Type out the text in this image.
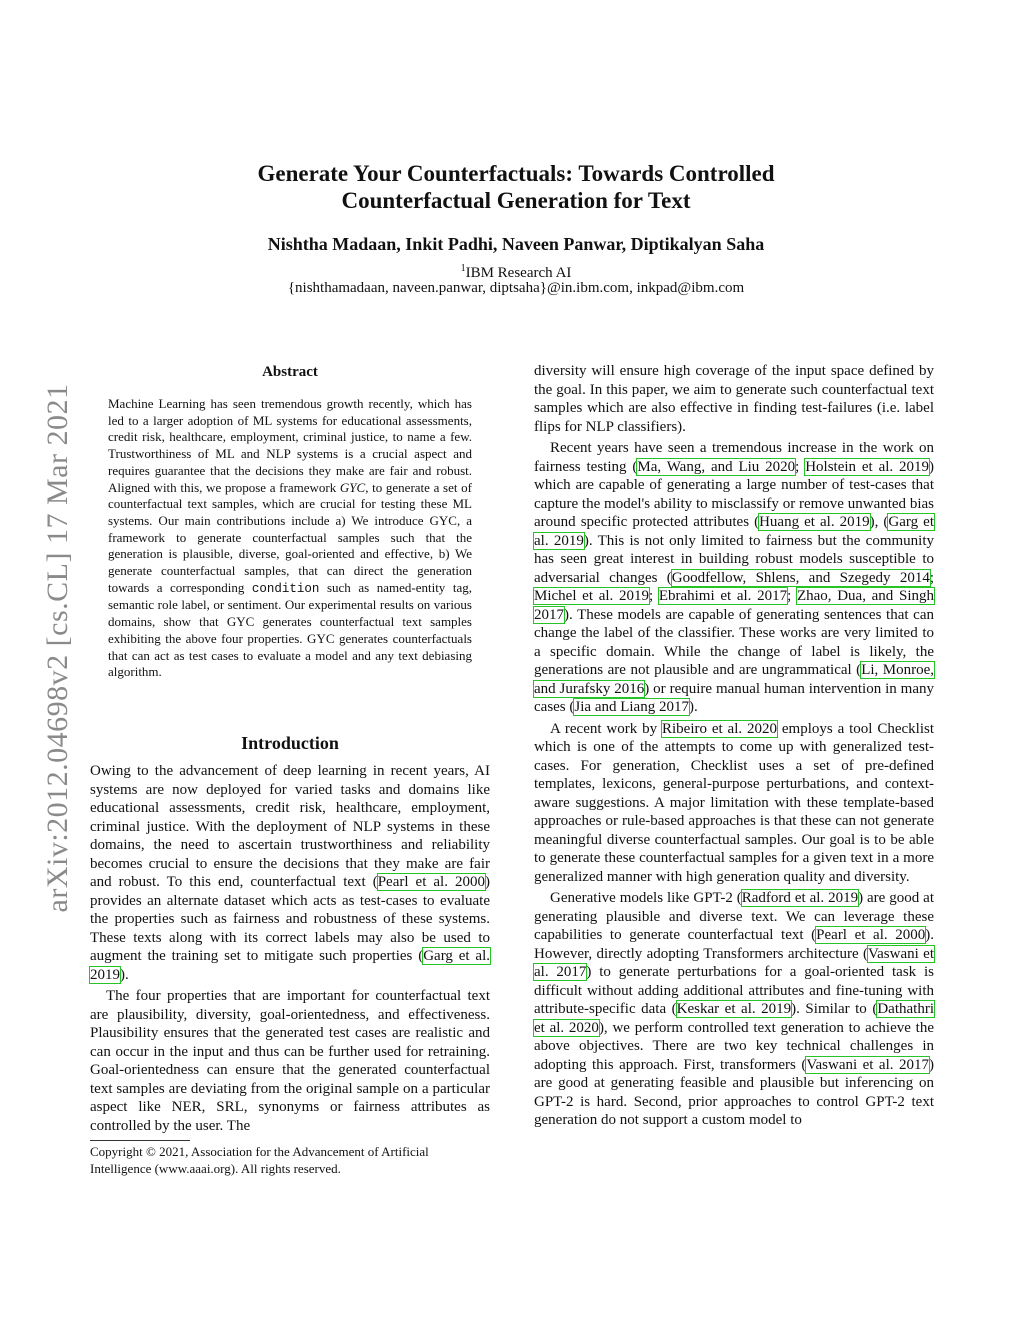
arXiv:2012.04698v2 [cs.CL] 17 Mar 2021
Generate Your Counterfactuals: Towards Controlled
Counterfactual Generation for Text
Nishtha Madaan, Inkit Padhi, Naveen Panwar, Diptikalyan Saha
$^1$IBM Research AI
{nishthamadaan, naveen.panwar, diptsaha}@in.ibm.com, inkpad@ibm.com
Abstract
Machine Learning has seen tremendous growth recently, which has led to a larger adoption of ML systems for educational assessments, credit risk, healthcare, employment, criminal justice, to name a few. Trustworthiness of ML and NLP systems is a crucial aspect and requires guarantee that the decisions they make are fair and robust. Aligned with this, we propose a framework GYC, to generate a set of counterfactual text samples, which are crucial for testing these ML systems. Our main contributions include a) We introduce GYC, a framework to generate counterfactual samples such that the generation is plausible, diverse, goal-oriented and effective, b) We generate counterfactual samples, that can direct the generation towards a corresponding condition such as named-entity tag, semantic role label, or sentiment. Our experimental results on various domains, show that GYC generates counterfactual text samples exhibiting the above four properties. GYC generates counterfactuals that can act as test cases to evaluate a model and any text debiasing algorithm.
Introduction

Owing to the advancement of deep learning in recent years, AI systems are now deployed for varied tasks and domains like educational assessments, credit risk, healthcare, employment, criminal justice. With the deployment of NLP systems in these domains, the need to ascertain trustworthiness and reliability becomes crucial to ensure the decisions that they make are fair and robust. To this end, counterfactual text (Pearl et al. 2000) provides an alternate dataset which acts as test-cases to evaluate the properties such as fairness and robustness of these systems. These texts along with its correct labels may also be used to augment the training set to mitigate such properties (Garg et al. 2019).

The four properties that are important for counterfactual text are plausibility, diversity, goal-orientedness, and effectiveness. Plausibility ensures that the generated test cases are realistic and can occur in the input and thus can be further used for retraining. Goal-orientedness can ensure that the generated counterfactual text samples are deviating from the original sample on a particular aspect like NER, SRL, synonyms or fairness attributes as controlled by the user. The

Copyright © 2021, Association for the Advancement of Artificial Intelligence (www.aaai.org). All rights reserved.

diversity will ensure high coverage of the input space defined by the goal. In this paper, we aim to generate such counterfactual text samples which are also effective in finding test-failures (i.e. label flips for NLP classifiers).

Recent years have seen a tremendous increase in the work on fairness testing (Ma, Wang, and Liu 2020; Holstein et al. 2019) which are capable of generating a large number of test-cases that capture the model's ability to misclassify or remove unwanted bias around specific protected attributes (Huang et al. 2019), (Garg et al. 2019). This is not only limited to fairness but the community has seen great interest in building robust models susceptible to adversarial changes (Goodfellow, Shlens, and Szegedy 2014; Michel et al. 2019; Ebrahimi et al. 2017; Zhao, Dua, and Singh 2017). These models are capable of generating sentences that can change the label of the classifier. These works are very limited to a specific domain. While the change of label is likely, the generations are not plausible and are ungrammatical (Li, Monroe, and Jurafsky 2016) or require manual human intervention in many cases (Jia and Liang 2017).

A recent work by Ribeiro et al. 2020 employs a tool Checklist which is one of the attempts to come up with generalized test-cases. For generation, Checklist uses a set of pre-defined templates, lexicons, general-purpose perturbations, and context-aware suggestions. A major limitation with these template-based approaches or rule-based approaches is that these can not generate meaningful diverse counterfactual samples. Our goal is to be able to generate these counterfactual samples for a given text in a more generalized manner with high generation quality and diversity.

Generative models like GPT-2 (Radford et al. 2019) are good at generating plausible and diverse text. We can leverage these capabilities to generate counterfactual text (Pearl et al. 2000). However, directly adopting Transformers architecture (Vaswani et al. 2017) to generate perturbations for a goal-oriented task is difficult without adding additional attributes and fine-tuning with attribute-specific data (Keskar et al. 2019). Similar to (Dathathri et al. 2020), we perform controlled text generation to achieve the above objectives. There are two key technical challenges in adopting this approach. First, transformers (Vaswani et al. 2017) are good at generating feasible and plausible but inferencing on GPT-2 is hard. Second, prior approaches to control GPT-2 text generation do not support a custom model to
